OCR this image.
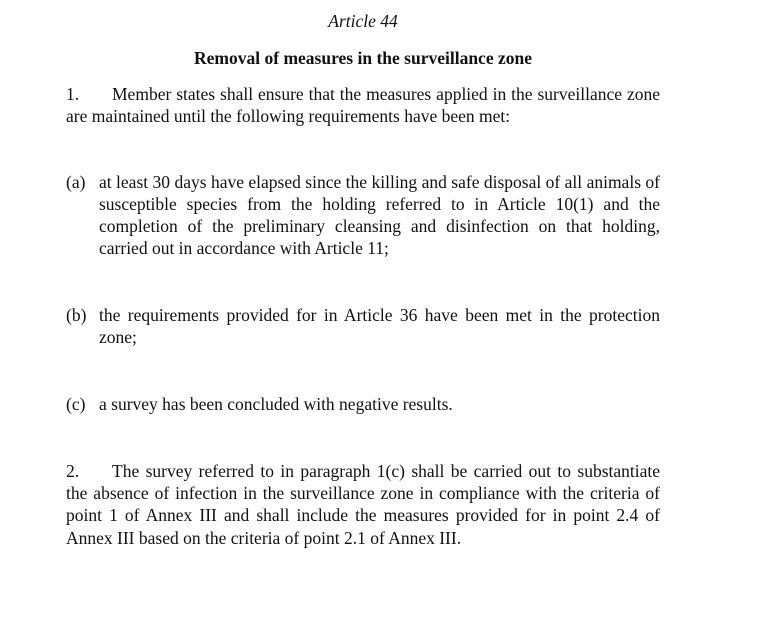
Article 44

Removal of measures in the surveillance zone

1. Member states shall ensure that the measures applied in the surveillance zone are maintained until the following requirements have been met:

(a) at least 30 days have elapsed since the killing and safe disposal of all animals of susceptible species from the holding referred to in Article 10(1) and the completion of the preliminary cleansing and disinfection on that holding, carried out in accordance with Article 11;

(b) the requirements provided for in Article 36 have been met in the protection zone;

(c) a survey has been concluded with negative results.

2. The survey referred to in paragraph 1(c) shall be carried out to substantiate the absence of infection in the surveillance zone in compliance with the criteria of point 1 of Annex III and shall include the measures provided for in point 2.4 of Annex III based on the criteria of point 2.1 of Annex III.
